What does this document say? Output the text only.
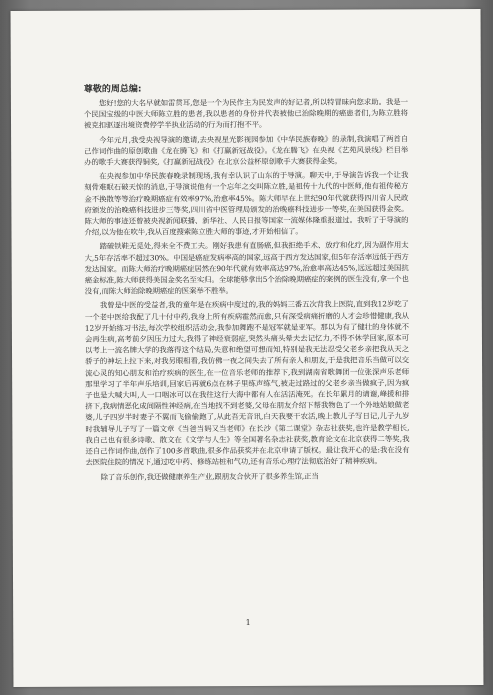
尊敬的周总编:

您好!您的大名早就如雷贯耳,您是一个为民作主为民发声的好记者,所以特冒昧向您求助。我是一个民国宝级的中医大师陈立胜的患者,我以患者的身份并代表被他已治除晚期的癌患者们,为陈立胜将被克扣驱逐出境资费停学半执业活动的行为而打抱不平。

今年元月,我受央视导演的邀请,去央视星光影视园参加《中华民族春晚》的录制,我演唱了两首自己作词作曲的原创歌曲《龙在腾飞》和《打赢新冠战役》。《龙在腾飞》在央视《艺苑风景线》栏目举办的歌手大赛获得铜奖,《打赢新冠战役》在北京公益杯原创歌手大赛获得金奖。

在央视参加中华民族春晚录制现场,我有幸认识了山东的于导演。聊天中,于导演告诉我一个让我刻骨难眠石破天惊的消息,于导演说他有一个忘年之交叫陈立胜,是祖传十九代的中医师,他有祖传秘方金不换散等等治疗晚期癌症有效率97%,治愈率45%。陈大师早在上世纪90年代就获得四川省人民政府颁发的治晚癌科技进步三等奖,四川省中医管理局颁发的治晚癌科技进步一等奖,在美国获得金奖。陈大师的事迹还曾被央视新闻联播、新华社、人民日报等国家一流媒体隆重报道过。我听了于导演的介绍,以为他在吹牛,我从百度搜索陈立胜大师的事迹,才开始相信了。

踏破铁鞋无觅处,得来全不费工夫。刚好我患有直肠癌,但我拒绝手术、放疗和化疗,因为副作用太大,5年存活率不超过30%。中国是癌症发病率高的国家,远高于西方发达国家,但5年存活率远低于西方发达国家。而陈大师治疗晚期癌症居然在90年代就有效率高达97%,治愈率高达45%,远远超过美国抗癌金标准,陈大师获得美国金奖名至实归。全球能够拿出5个治除晚期癌症的案例的医生没有,拿一个也没有,而陈大师治除晚期癌症的医案举不胜举。

我曾是中医的受益者,我的童年是在疾病中度过的,我的妈妈三番五次背我上医院,直到我12岁吃了一个老中医给我配了几十付中药,我身上所有疾病霍然而愈,只有深受病痛折磨的人才会珍惜健康,我从12岁开始练习书法,每次学校组织活动会,我参加舞跑不是冠军就是亚军。那以为有了健壮的身体就不会再生病,高考前夕因压力过大,我得了神经衰弱症,突然头痛头晕夫去记忆力,不得不休学回家,原本可以考上一流名牌大学的我落得这个结局,失意和绝望可想而知,特别是我无法忍受父老乡亲把我从天之骄子的神坛上拉下来,对我另眼相看,我仿佛一夜之间失去了所有亲人和朋友,于是我把音乐当做可以交流心灵的知心朋友和治疗疾病的医生,在一位音乐老师的推荐下,我到湖南省歌舞团一位张深声乐老师那里学习了半年声乐培训,回家后再就6点在林子里练声练气,被走过路过的父老乡亲当做疯子,因为疯子也是大喊大叫,人一口咽冰可以在我往这行大海中都有人在活活淹死。在长年累月的请谢,峰援和排挤下,我病情恶化成间隔性神经病,在当地找不到老婆,父母在朋友介绍下帮我物色了一个外地姑娘做老婆,儿子四岁半时妻子不翼而飞偷偷跑了,从此吾无音讯,白天我要干农活,晚上教儿子写日记,儿子九岁时我辅导儿子写了一篇文章《当爸当妈又当老师》在长沙《第二课堂》杂志社获奖,也许是教学相长,我自己也有很多诗歌、散文在《文学与人生》等全国著名杂志社获奖,教育论文在北京获得二等奖,我还自己作词作曲,创作了100多首歌曲,很多作品获奖并在北京申请了版权。最让我开心的是:我在没有去医院住院的情况下,通过吃中药、修练站桩和气功,还有音乐心理疗法彻底治好了精神疾病。

除了音乐创作,我还做健康养生产业,跟朋友合伙开了很多养生馆,正当

1
